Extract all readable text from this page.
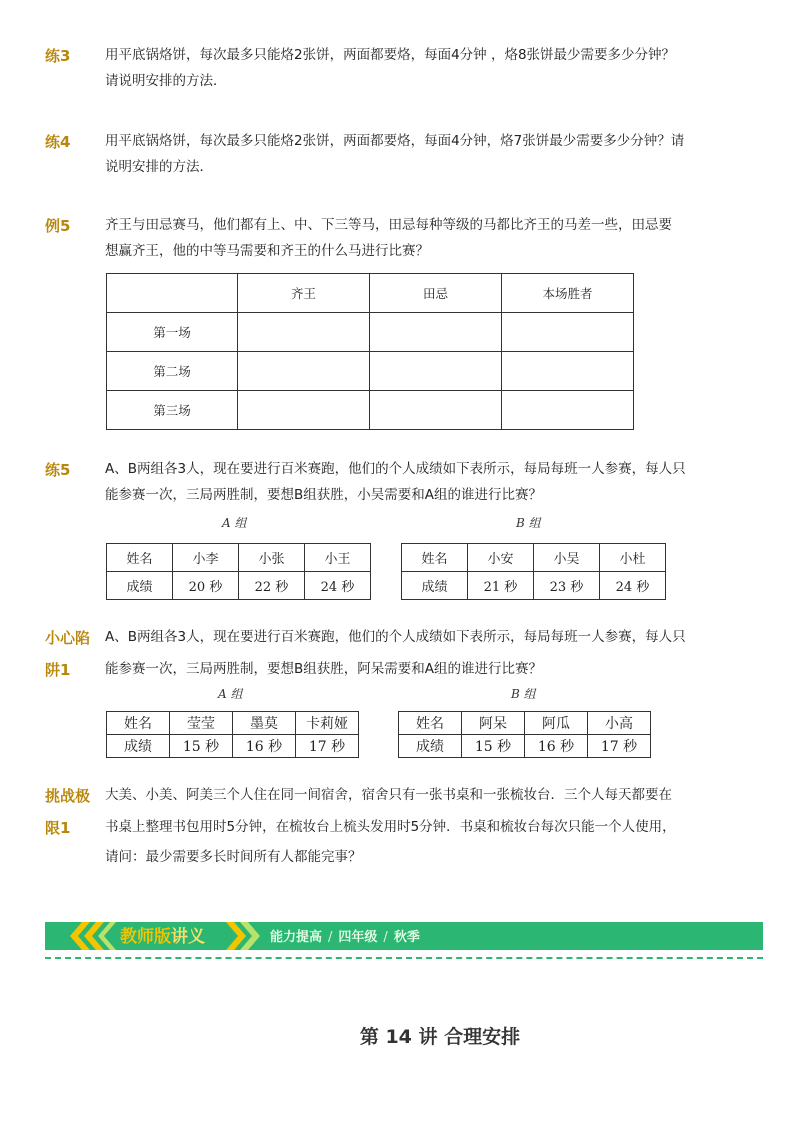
练3	用平底锅烙饼，每次最多只能烙2张饼，两面都要烙，每面4分钟 ，烙8张饼最少需要多少分钟？

请说明安排的方法．

练4	用平底锅烙饼，每次最多只能烙2张饼，两面都要烙，每面4分钟，烙7张饼最少需要多少分钟？请

说明安排的方法．

例5	齐王与田忌赛马，他们都有上、中、下三等马，田忌每种等级的马都比齐王的马差一些，田忌要

想赢齐王，他的中等马需要和齐王的什么马进行比赛？

	齐王	田忌	本场胜者
第一场			
第二场			
第三场			
练5	A、B两组各3人，现在要进行百米赛跑，他们的个人成绩如下表所示，每局每班一人参赛，每人只

能参赛一次，三局两胜制，要想B组获胜，小吴需要和A组的谁进行比赛？

A 组	B 组
姓名	小李	小张	小王
成绩	20 秒	22 秒	24 秒
姓名	小安	小吴	小杜
成绩	21 秒	23 秒	24 秒
小心陷
阱1

A、B两组各3人，现在要进行百米赛跑，他们的个人成绩如下表所示，每局每班一人参赛，每人只

能参赛一次，三局两胜制，要想B组获胜，阿呆需要和A组的谁进行比赛？

A 组	B 组
姓名	莹莹	墨莫	卡莉娅
成绩	15 秒	16 秒	17 秒
姓名	阿呆	阿瓜	小高
成绩	15 秒	16 秒	17 秒
挑战极
限1

大美、小美、阿美三个人住在同一间宿舍，宿舍只有一张书桌和一张梳妆台．三个人每天都要在

书桌上整理书包用时5分钟，在梳妆台上梳头发用时5分钟．书桌和梳妆台每次只能一个人使用，

请问：最少需要多长时间所有人都能完事？

教师版讲义	能力提高 / 四年级 / 秋季
第 14 讲 合理安排
